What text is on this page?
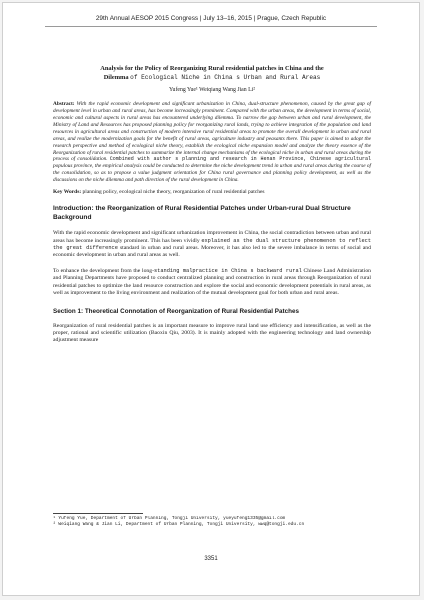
29th Annual AESOP 2015 Congress | July 13–16, 2015 | Prague, Czech Republic
Analysis for the Policy of Reorganizing Rural residential patches in China and the
Dilemma of Ecological Niche in China s Urban and Rural Areas
Yufeng Yue¹ Weiqiang Wang Jian Li²
Abstract: With the rapid economic development and significant urbanization in China, dual-structure phenomenon, caused by the great gap of development level in urban and rural areas, has become increasingly prominent. Compared with the urban areas, the development in terms of social, economic and cultural aspects in rural areas has encountered underlying dilemma. To narrow the gap between urban and rural development, the Ministry of Land and Resources has proposed planning policy for reorganizing rural lands, trying to achieve integration of the population and land resources in agricultural areas and construction of modern intensive rural residential areas to promote the overall development in urban and rural areas, and realize the modernization goals for the benefit of rural areas, agriculture industry and peasants there. This paper is aimed to adopt the research perspective and method of ecological niche theory, establish the ecological niche expansion model and analyze the theory essence of the Reorganization of rural residential patches to summarize the internal change mechanisms of the ecological niche in urban and rural areas during the process of consolidation. Combined with author s planning and research in Henan Province, Chinese agricultural populous province, the empirical analysis could be conducted to determine the niche development trend in urban and rural areas during the course of the consolidation, so as to propose a value judgment orientation for China rural governance and planning policy development, as well as the discussions on the niche dilemma and path direction of the rural development in China.
Key Words: planning policy, ecological niche theory, reorganization of rural residential patches
Introduction: the Reorganization of Rural Residential Patches under Urban-rural Dual Structure Background

With the rapid economic development and significant urbanization improvement in China, the social contradiction between urban and rural areas has become increasingly prominent. This has been vividly explained as the dual structure phenomenon to reflect the great difference standard in urban and rural areas. Moreover, it has also led to the severe imbalance in terms of social and economic development in urban and rural areas as well.

To enhance the development from the long-standing malpractice in China s backward rural Chinese Land Administration and Planning Departments have proposed to conduct centralized planning and construction in rural areas through Reorganization of rural residential patches to optimize the land resource construction and explore the social and economic development potentials in rural areas, as well as improvement to the living environment and realization of the mutual development goal for both urban and rural areas.

Section 1: Theoretical Connotation of Reorganization of Rural Residential Patches

Reorganization of rural residential patches is an important measure to improve rural land use efficiency and intensification, as well as the proper, rational and scientific utilization (Baoxin Qiu, 2003). It is mainly adopted with the engineering technology and land ownership adjustment measure

¹ Yufeng Yue, Department of Urban Planning, Tongji University, yueyufeng1335@gmail.com
² Weiqiang Wang & Jian Li, Department of Urban Planning, Tongji University, wwq@tongji.edu.cn
3351
